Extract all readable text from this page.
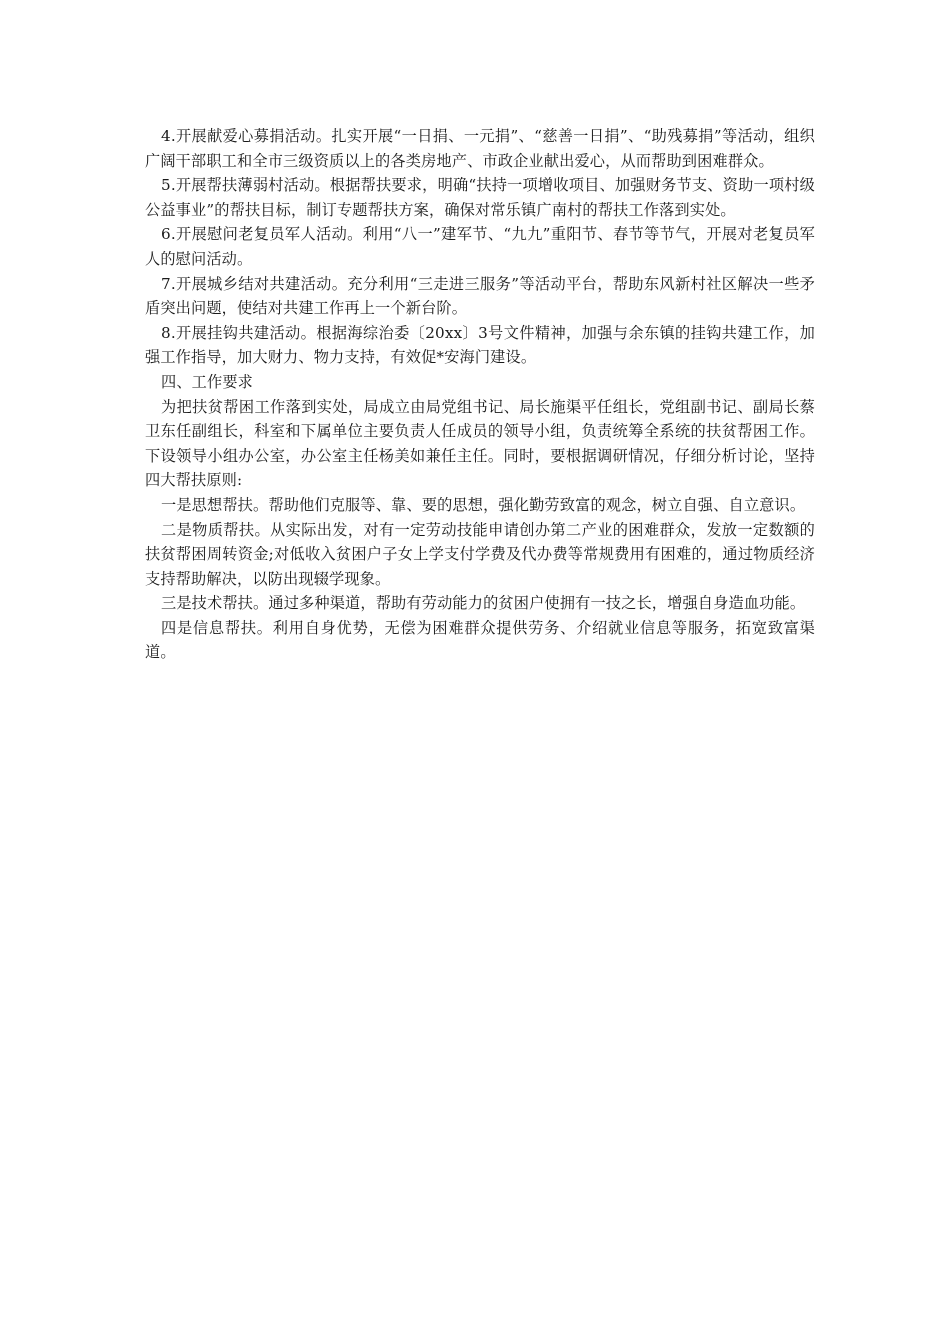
4.开展献爱心募捐活动。扎实开展“一日捐、一元捐”、“慈善一日捐”、“助残募捐”等活动，组织广阔干部职工和全市三级资质以上的各类房地产、市政企业献出爱心，从而帮助到困难群众。

5.开展帮扶薄弱村活动。根据帮扶要求，明确“扶持一项增收项目、加强财务节支、资助一项村级公益事业”的帮扶目标，制订专题帮扶方案，确保对常乐镇广南村的帮扶工作落到实处。

6.开展慰问老复员军人活动。利用“八一”建军节、“九九”重阳节、春节等节气，开展对老复员军人的慰问活动。

7.开展城乡结对共建活动。充分利用“三走进三服务”等活动平台，帮助东风新村社区解决一些矛盾突出问题，使结对共建工作再上一个新台阶。

8.开展挂钩共建活动。根据海综治委〔20xx〕3号文件精神，加强与余东镇的挂钩共建工作，加强工作指导，加大财力、物力支持，有效促*安海门建设。

四、工作要求

为把扶贫帮困工作落到实处，局成立由局党组书记、局长施渠平任组长，党组副书记、副局长蔡卫东任副组长，科室和下属单位主要负责人任成员的领导小组，负责统筹全系统的扶贫帮困工作。下设领导小组办公室，办公室主任杨美如兼任主任。同时，要根据调研情况，仔细分析讨论，坚持四大帮扶原则:

一是思想帮扶。帮助他们克服等、靠、要的思想，强化勤劳致富的观念，树立自强、自立意识。

二是物质帮扶。从实际出发，对有一定劳动技能申请创办第二产业的困难群众，发放一定数额的扶贫帮困周转资金;对低收入贫困户子女上学支付学费及代办费等常规费用有困难的，通过物质经济支持帮助解决，以防出现辍学现象。

三是技术帮扶。通过多种渠道，帮助有劳动能力的贫困户使拥有一技之长，增强自身造血功能。

四是信息帮扶。利用自身优势，无偿为困难群众提供劳务、介绍就业信息等服务，拓宽致富渠道。
